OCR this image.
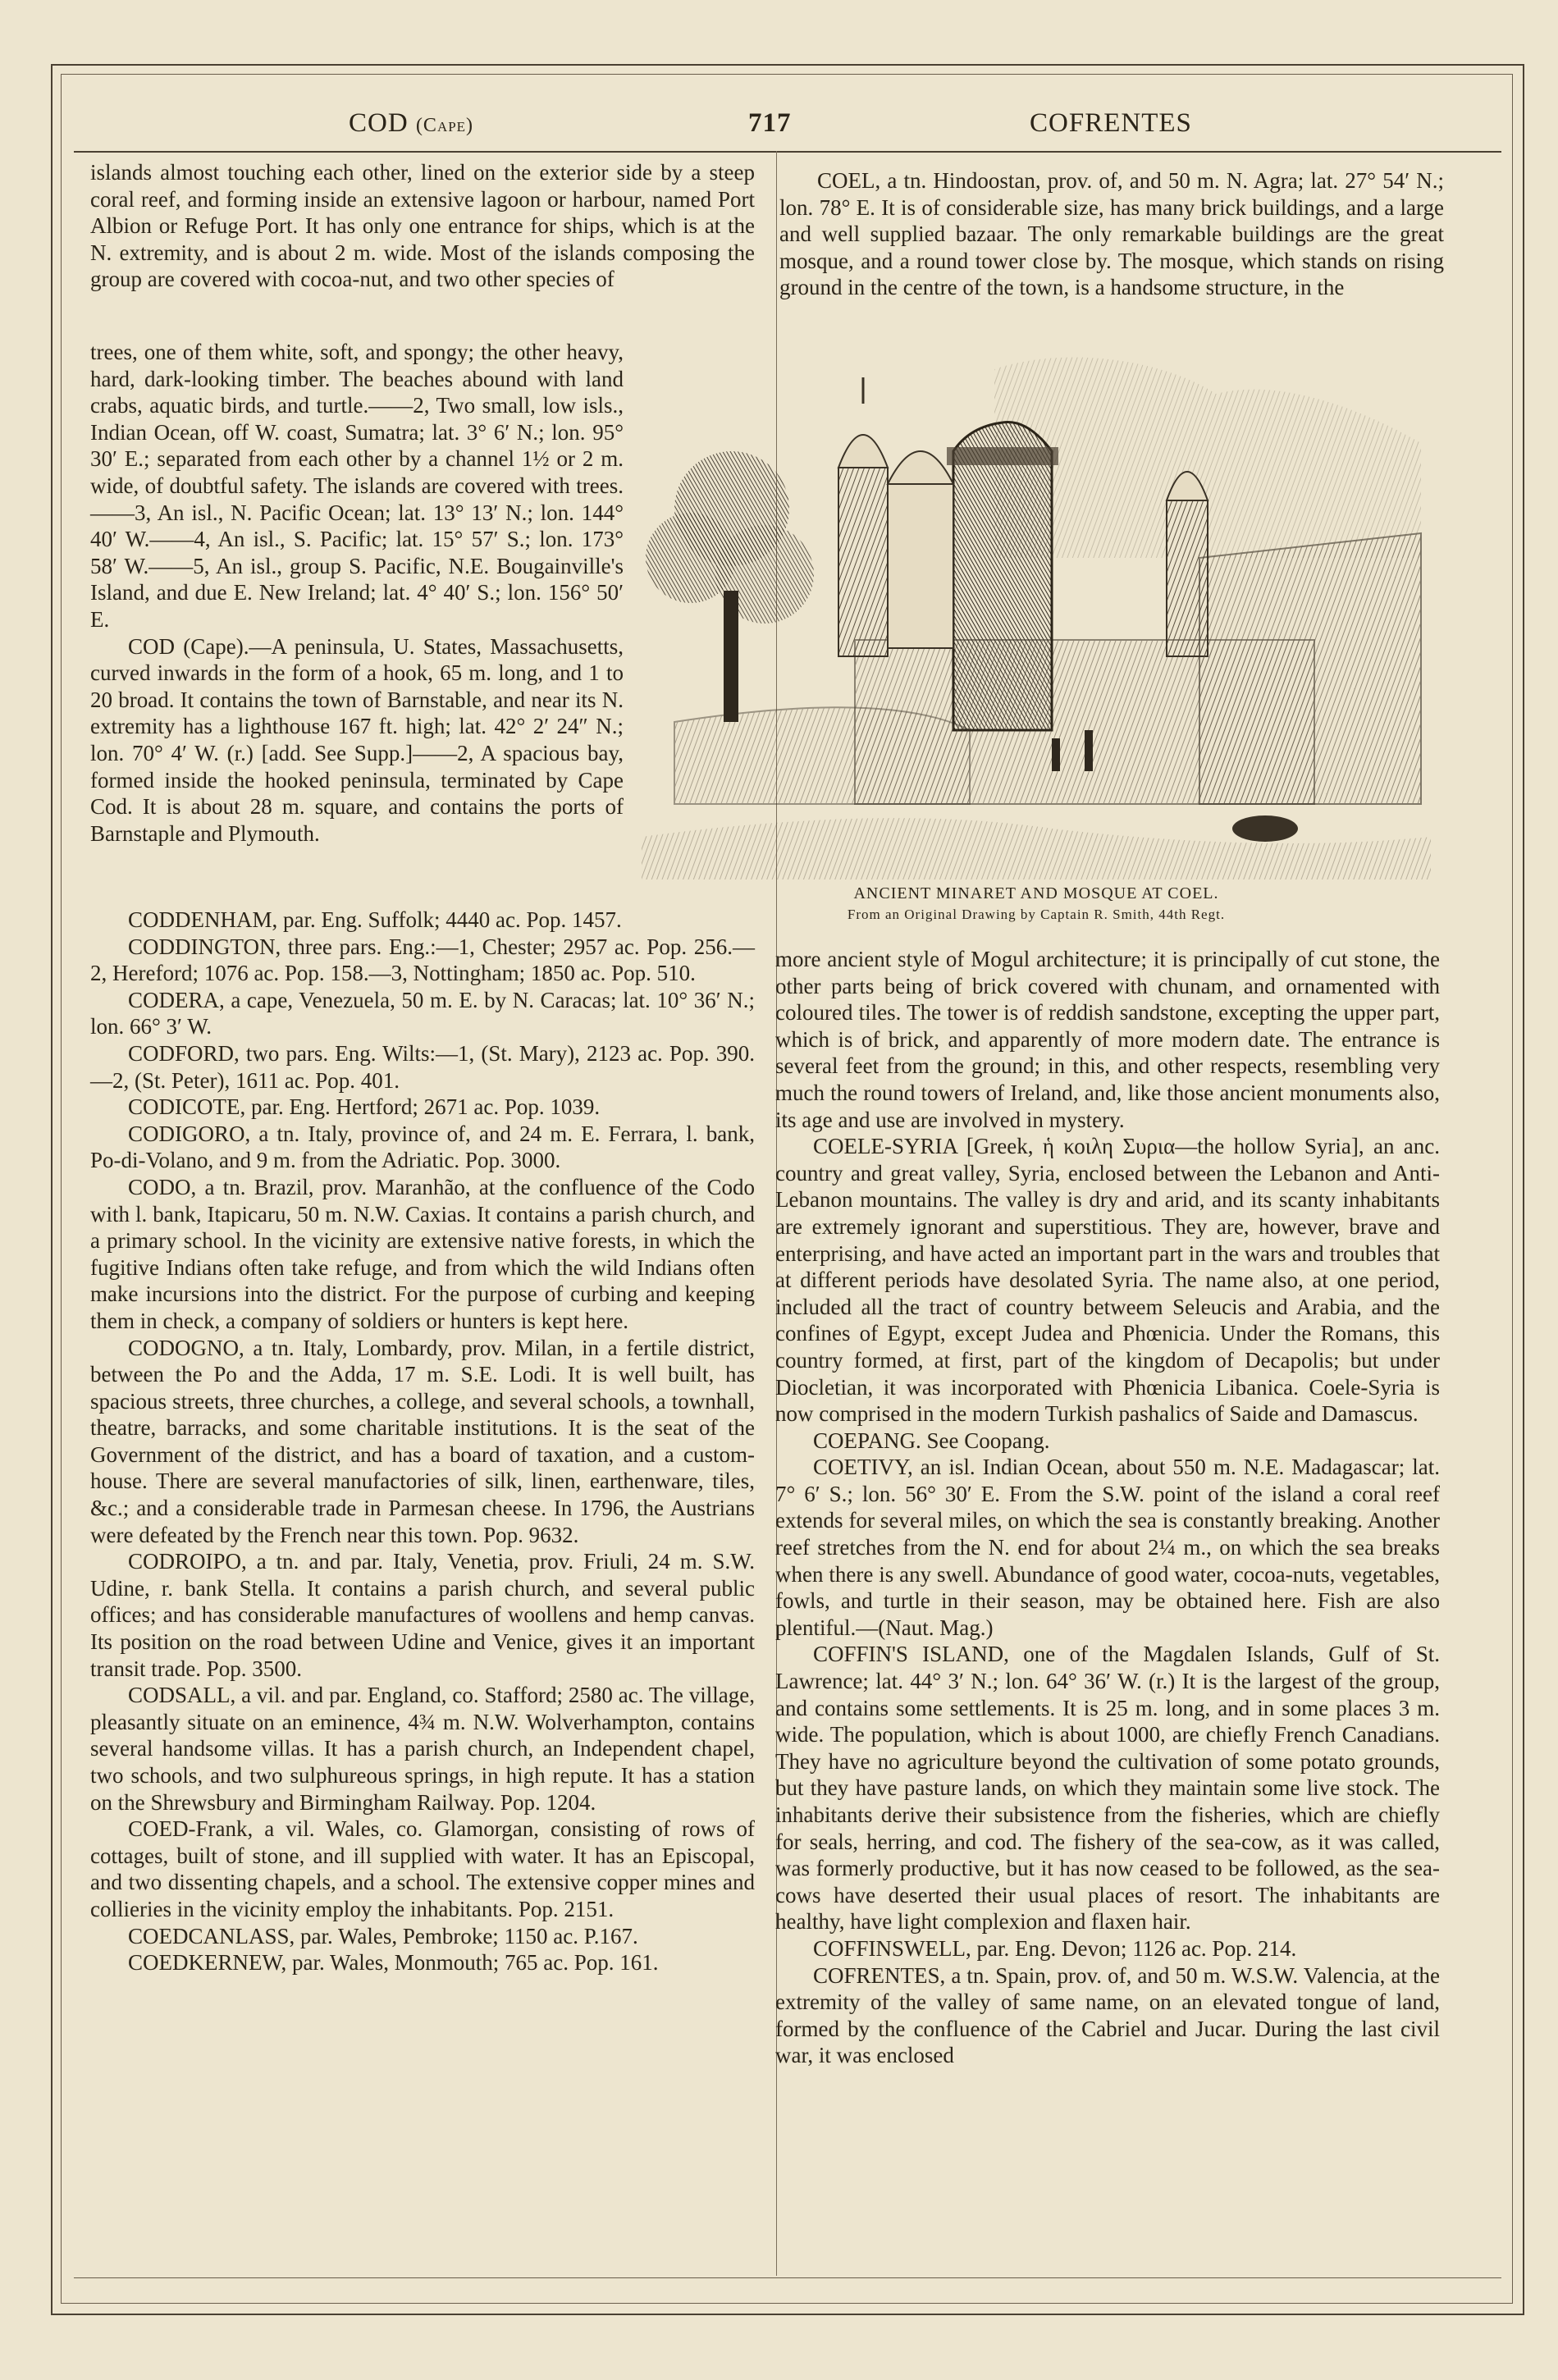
COD (Cape)	717	COFRENTES

islands almost touching each other, lined on the exterior side by a steep coral reef, and forming inside an extensive lagoon or harbour, named Port Albion or Refuge Port. It has only one entrance for ships, which is at the N. extremity, and is about 2 m. wide. Most of the islands composing the group are covered with cocoa-nut, and two other species of

trees, one of them white, soft, and spongy; the other heavy, hard, dark-looking timber. The beaches abound with land crabs, aquatic birds, and turtle.——2, Two small, low isls., Indian Ocean, off W. coast, Sumatra; lat. 3° 6′ N.; lon. 95° 30′ E.; separated from each other by a channel 1½ or 2 m. wide, of doubtful safety. The islands are covered with trees.——3, An isl., N. Pacific Ocean; lat. 13° 13′ N.; lon. 144° 40′ W.——4, An isl., S. Pacific; lat. 15° 57′ S.; lon. 173° 58′ W.——5, An isl., group S. Pacific, N.E. Bougainville's Island, and due E. New Ireland; lat. 4° 40′ S.; lon. 156° 50′ E.

COD (Cape).—A peninsula, U. States, Massachusetts, curved inwards in the form of a hook, 65 m. long, and 1 to 20 broad. It contains the town of Barnstable, and near its N. extremity has a lighthouse 167 ft. high; lat. 42° 2′ 24″ N.; lon. 70° 4′ W. (r.) [add. See Supp.]——2, A spacious bay, formed inside the hooked peninsula, terminated by Cape Cod. It is about 28 m. square, and contains the ports of Barnstaple and Plymouth.

ANCIENT MINARET AND MOSQUE AT COEL.
From an Original Drawing by Captain R. Smith, 44th Regt.

CODDENHAM, par. Eng. Suffolk; 4440 ac. Pop. 1457.

CODDINGTON, three pars. Eng.:—1, Chester; 2957 ac. Pop. 256.—2, Hereford; 1076 ac. Pop. 158.—3, Nottingham; 1850 ac. Pop. 510.

CODERA, a cape, Venezuela, 50 m. E. by N. Caracas; lat. 10° 36′ N.; lon. 66° 3′ W.

CODFORD, two pars. Eng. Wilts:—1, (St. Mary), 2123 ac. Pop. 390.—2, (St. Peter), 1611 ac. Pop. 401.

CODICOTE, par. Eng. Hertford; 2671 ac. Pop. 1039.

CODIGORO, a tn. Italy, province of, and 24 m. E. Ferrara, l. bank, Po-di-Volano, and 9 m. from the Adriatic. Pop. 3000.

CODO, a tn. Brazil, prov. Maranhão, at the confluence of the Codo with l. bank, Itapicaru, 50 m. N.W. Caxias. It contains a parish church, and a primary school. In the vicinity are extensive native forests, in which the fugitive Indians often take refuge, and from which the wild Indians often make incursions into the district. For the purpose of curbing and keeping them in check, a company of soldiers or hunters is kept here.

CODOGNO, a tn. Italy, Lombardy, prov. Milan, in a fertile district, between the Po and the Adda, 17 m. S.E. Lodi. It is well built, has spacious streets, three churches, a college, and several schools, a townhall, theatre, barracks, and some charitable institutions. It is the seat of the Government of the district, and has a board of taxation, and a custom-house. There are several manufactories of silk, linen, earthenware, tiles, &c.; and a considerable trade in Parmesan cheese. In 1796, the Austrians were defeated by the French near this town. Pop. 9632.

CODROIPO, a tn. and par. Italy, Venetia, prov. Friuli, 24 m. S.W. Udine, r. bank Stella. It contains a parish church, and several public offices; and has considerable manufactures of woollens and hemp canvas. Its position on the road between Udine and Venice, gives it an important transit trade. Pop. 3500.

CODSALL, a vil. and par. England, co. Stafford; 2580 ac. The village, pleasantly situate on an eminence, 4¾ m. N.W. Wolverhampton, contains several handsome villas. It has a parish church, an Independent chapel, two schools, and two sulphureous springs, in high repute. It has a station on the Shrewsbury and Birmingham Railway. Pop. 1204.

COED-Frank, a vil. Wales, co. Glamorgan, consisting of rows of cottages, built of stone, and ill supplied with water. It has an Episcopal, and two dissenting chapels, and a school. The extensive copper mines and collieries in the vicinity employ the inhabitants. Pop. 2151.

COEDCANLASS, par. Wales, Pembroke; 1150 ac. P.167.

COEDKERNEW, par. Wales, Monmouth; 765 ac. Pop. 161.

COEL, a tn. Hindoostan, prov. of, and 50 m. N. Agra; lat. 27° 54′ N.; lon. 78° E. It is of considerable size, has many brick buildings, and a large and well supplied bazaar. The only remarkable buildings are the great mosque, and a round tower close by. The mosque, which stands on rising ground in the centre of the town, is a handsome structure, in the

more ancient style of Mogul architecture; it is principally of cut stone, the other parts being of brick covered with chunam, and ornamented with coloured tiles. The tower is of reddish sandstone, excepting the upper part, which is of brick, and apparently of more modern date. The entrance is several feet from the ground; in this, and other respects, resembling very much the round towers of Ireland, and, like those ancient monuments also, its age and use are involved in mystery.

COELE-SYRIA [Greek, ἡ κοιλη Συρια—the hollow Syria], an anc. country and great valley, Syria, enclosed between the Lebanon and Anti-Lebanon mountains. The valley is dry and arid, and its scanty inhabitants are extremely ignorant and superstitious. They are, however, brave and enterprising, and have acted an important part in the wars and troubles that at different periods have desolated Syria. The name also, at one period, included all the tract of country betweem Seleucis and Arabia, and the confines of Egypt, except Judea and Phœnicia. Under the Romans, this country formed, at first, part of the kingdom of Decapolis; but under Diocletian, it was incorporated with Phœnicia Libanica. Coele-Syria is now comprised in the modern Turkish pashalics of Saide and Damascus.

COEPANG. See Coopang.

COETIVY, an isl. Indian Ocean, about 550 m. N.E. Madagascar; lat. 7° 6′ S.; lon. 56° 30′ E. From the S.W. point of the island a coral reef extends for several miles, on which the sea is constantly breaking. Another reef stretches from the N. end for about 2¼ m., on which the sea breaks when there is any swell. Abundance of good water, cocoa-nuts, vegetables, fowls, and turtle in their season, may be obtained here. Fish are also plentiful.—(Naut. Mag.)

COFFIN'S ISLAND, one of the Magdalen Islands, Gulf of St. Lawrence; lat. 44° 3′ N.; lon. 64° 36′ W. (r.) It is the largest of the group, and contains some settlements. It is 25 m. long, and in some places 3 m. wide. The population, which is about 1000, are chiefly French Canadians. They have no agriculture beyond the cultivation of some potato grounds, but they have pasture lands, on which they maintain some live stock. The inhabitants derive their subsistence from the fisheries, which are chiefly for seals, herring, and cod. The fishery of the sea-cow, as it was called, was formerly productive, but it has now ceased to be followed, as the sea-cows have deserted their usual places of resort. The inhabitants are healthy, have light complexion and flaxen hair.

COFFINSWELL, par. Eng. Devon; 1126 ac. Pop. 214.

COFRENTES, a tn. Spain, prov. of, and 50 m. W.S.W. Valencia, at the extremity of the valley of same name, on an elevated tongue of land, formed by the confluence of the Cabriel and Jucar. During the last civil war, it was enclosed
